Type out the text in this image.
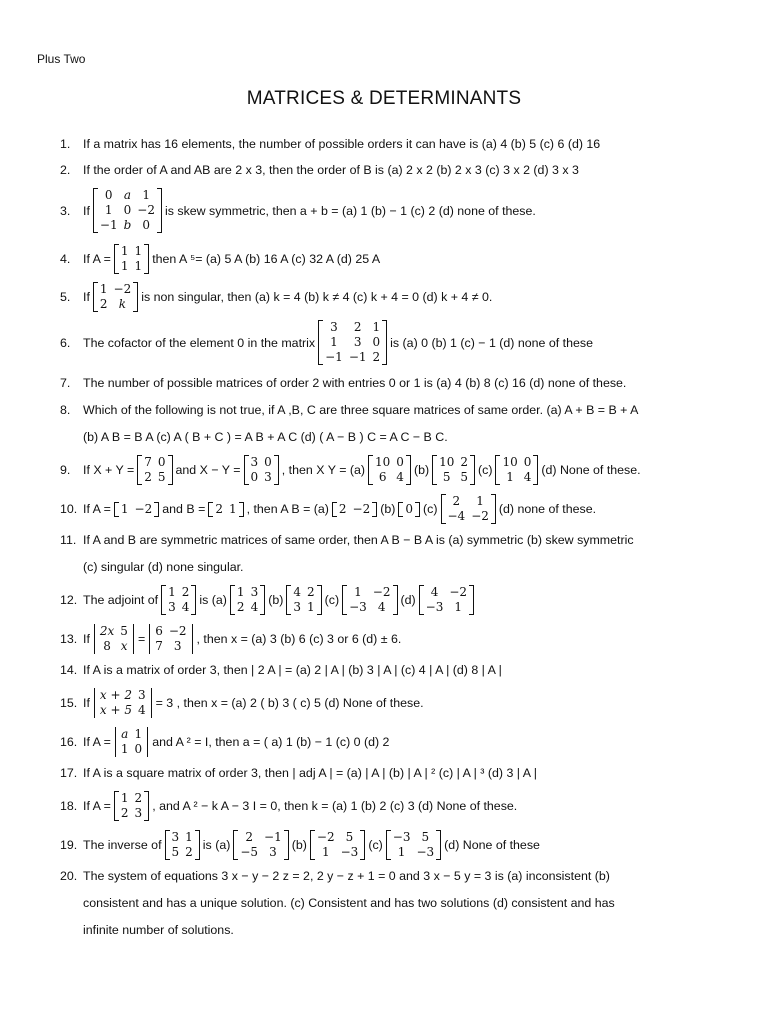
Plus Two
MATRICES & DETERMINANTS
1.	If a matrix has 16 elements, the number of possible orders it can have is (a) 4 (b) 5 (c) 6 (d) 16
2.	If the order of A and AB are 2 x 3, then the order of B is (a) 2 x 2 (b) 2 x 3 (c) 3 x 2 (d) 3 x 3
3.	If
0	a	1
1	0	−2
−1	b	0
is skew symmetric, then a + b = (a) 1 (b) − 1 (c) 2 (d) none of these.
4.	If A =
1	1
1	1 then A ⁵= (a) 5 A (b) 16 A (c) 32 A (d) 25 A
5.	If
1	−2
2	k is non singular, then (a) k = 4 (b) k ≠ 4 (c) k + 4 = 0 (d) k + 4 ≠ 0.
6.	The cofactor of the element 0 in the matrix
3	2	1
1	3	0
−1	−1	2
is (a) 0 (b) 1 (c) − 1 (d) none of these
7.	The number of possible matrices of order 2 with entries 0 or 1 is (a) 4 (b) 8 (c) 16 (d) none of these.
8.	Which of the following is not true, if A ,B, C are three square matrices of same order. (a) A + B = B + A
(b) A B = B A (c) A ( B + C ) = A B + A C (d) ( A − B ) C = A C − B C.
9.	If X + Y =
7	0
2	5 and X − Y =
3	0
0	3 , then X Y = (a)
10	0
6	4 (b)
10	2
5	5 (c)
10	0
1	4 (d) None of these.
10. If A = 1	−2 and B = 2	1 , then A B = (a) 2	−2 (b) 0 (c)
2	1
−4	−2 (d) none of these.
11. If A and B are symmetric matrices of same order, then A B − B A is (a) symmetric (b) skew symmetric
(c) singular (d) none singular.
12. The adjoint of
1	2
3	4 is (a)
1	3
2	4 (b)
4	2
3	1 (c)
1	−2
−3	4 (d)
4	−2
−3	1
13. If
2x	5
8	x =
6	−2
7	3 , then x = (a) 3 (b) 6 (c) 3 or 6 (d) ± 6.
14. If A is a matrix of order 3, then | 2 A | = (a) 2 | A | (b) 3 | A | (c) 4 | A | (d) 8 | A |
15. If
x + 2	3
x + 5	4 = 3 , then x = (a) 2 ( b) 3 ( c) 5 (d) None of these.
16. If A =
a	1
1	0 and A ² = I, then a = ( a) 1 (b) − 1 (c) 0 (d) 2
17. If A is a square matrix of order 3, then | adj A | = (a) | A | (b) | A | ² (c) | A | ³ (d) 3 | A |
18. If A =
1	2
2	3 , and A ² − k A − 3 I = 0, then k = (a) 1 (b) 2 (c) 3 (d) None of these.
19. The inverse of
3	1
5	2 is (a)
2	−1
−5	3 (b)
−2	5
1	−3 (c)
−3	5
1	−3 (d) None of these
20. The system of equations 3 x − y − 2 z = 2, 2 y − z + 1 = 0 and 3 x − 5 y = 3 is (a) inconsistent (b)
consistent and has a unique solution. (c) Consistent and has two solutions (d) consistent and has
infinite number of solutions.
